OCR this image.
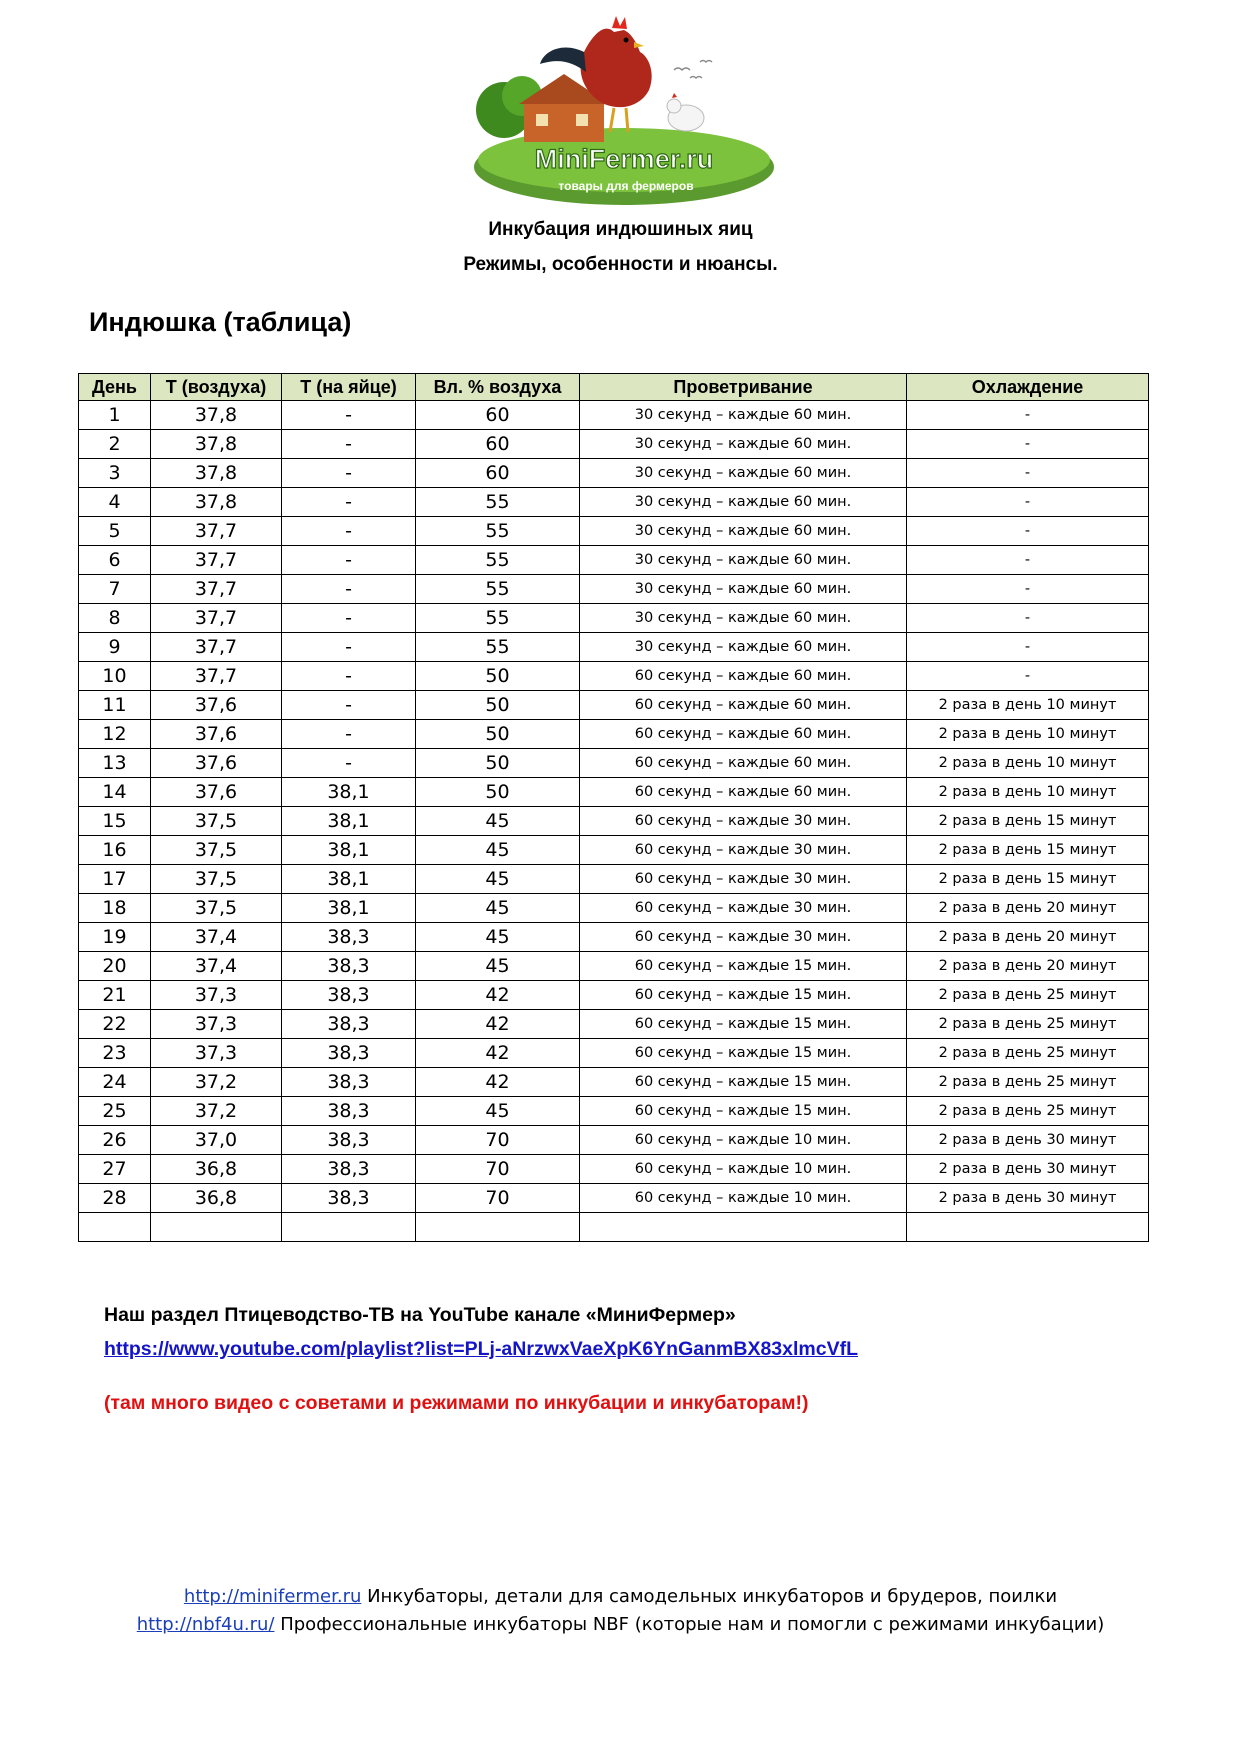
MiniFermer.ru
товары для фермеров
Инкубация индюшиных яиц
Режимы, особенности и нюансы.
Индюшка (таблица)
День	Т (воздуха)	Т (на яйце)	Вл. % воздуха	Проветривание	Охлаждение
1	37,8	-	60	30 секунд – каждые 60 мин.	-
2	37,8	-	60	30 секунд – каждые 60 мин.	-
3	37,8	-	60	30 секунд – каждые 60 мин.	-
4	37,8	-	55	30 секунд – каждые 60 мин.	-
5	37,7	-	55	30 секунд – каждые 60 мин.	-
6	37,7	-	55	30 секунд – каждые 60 мин.	-
7	37,7	-	55	30 секунд – каждые 60 мин.	-
8	37,7	-	55	30 секунд – каждые 60 мин.	-
9	37,7	-	55	30 секунд – каждые 60 мин.	-
10	37,7	-	50	60 секунд – каждые 60 мин.	-
11	37,6	-	50	60 секунд – каждые 60 мин.	2 раза в день 10 минут
12	37,6	-	50	60 секунд – каждые 60 мин.	2 раза в день 10 минут
13	37,6	-	50	60 секунд – каждые 60 мин.	2 раза в день 10 минут
14	37,6	38,1	50	60 секунд – каждые 60 мин.	2 раза в день 10 минут
15	37,5	38,1	45	60 секунд – каждые 30 мин.	2 раза в день 15 минут
16	37,5	38,1	45	60 секунд – каждые 30 мин.	2 раза в день 15 минут
17	37,5	38,1	45	60 секунд – каждые 30 мин.	2 раза в день 15 минут
18	37,5	38,1	45	60 секунд – каждые 30 мин.	2 раза в день 20 минут
19	37,4	38,3	45	60 секунд – каждые 30 мин.	2 раза в день 20 минут
20	37,4	38,3	45	60 секунд – каждые 15 мин.	2 раза в день 20 минут
21	37,3	38,3	42	60 секунд – каждые 15 мин.	2 раза в день 25 минут
22	37,3	38,3	42	60 секунд – каждые 15 мин.	2 раза в день 25 минут
23	37,3	38,3	42	60 секунд – каждые 15 мин.	2 раза в день 25 минут
24	37,2	38,3	42	60 секунд – каждые 15 мин.	2 раза в день 25 минут
25	37,2	38,3	45	60 секунд – каждые 15 мин.	2 раза в день 25 минут
26	37,0	38,3	70	60 секунд – каждые 10 мин.	2 раза в день 30 минут
27	36,8	38,3	70	60 секунд – каждые 10 мин.	2 раза в день 30 минут
28	36,8	38,3	70	60 секунд – каждые 10 мин.	2 раза в день 30 минут

Наш раздел Птицеводство-ТВ на YouTube канале «МиниФермер»
https://www.youtube.com/playlist?list=PLj-aNrzwxVaeXpK6YnGanmBX83xlmcVfL
(там много видео с советами и режимами по инкубации и инкубаторам!)
http://minifermer.ru Инкубаторы, детали для самодельных инкубаторов и брудеров, поилки
http://nbf4u.ru/ Профессиональные инкубаторы NBF (которые нам и помогли с режимами инкубации)
